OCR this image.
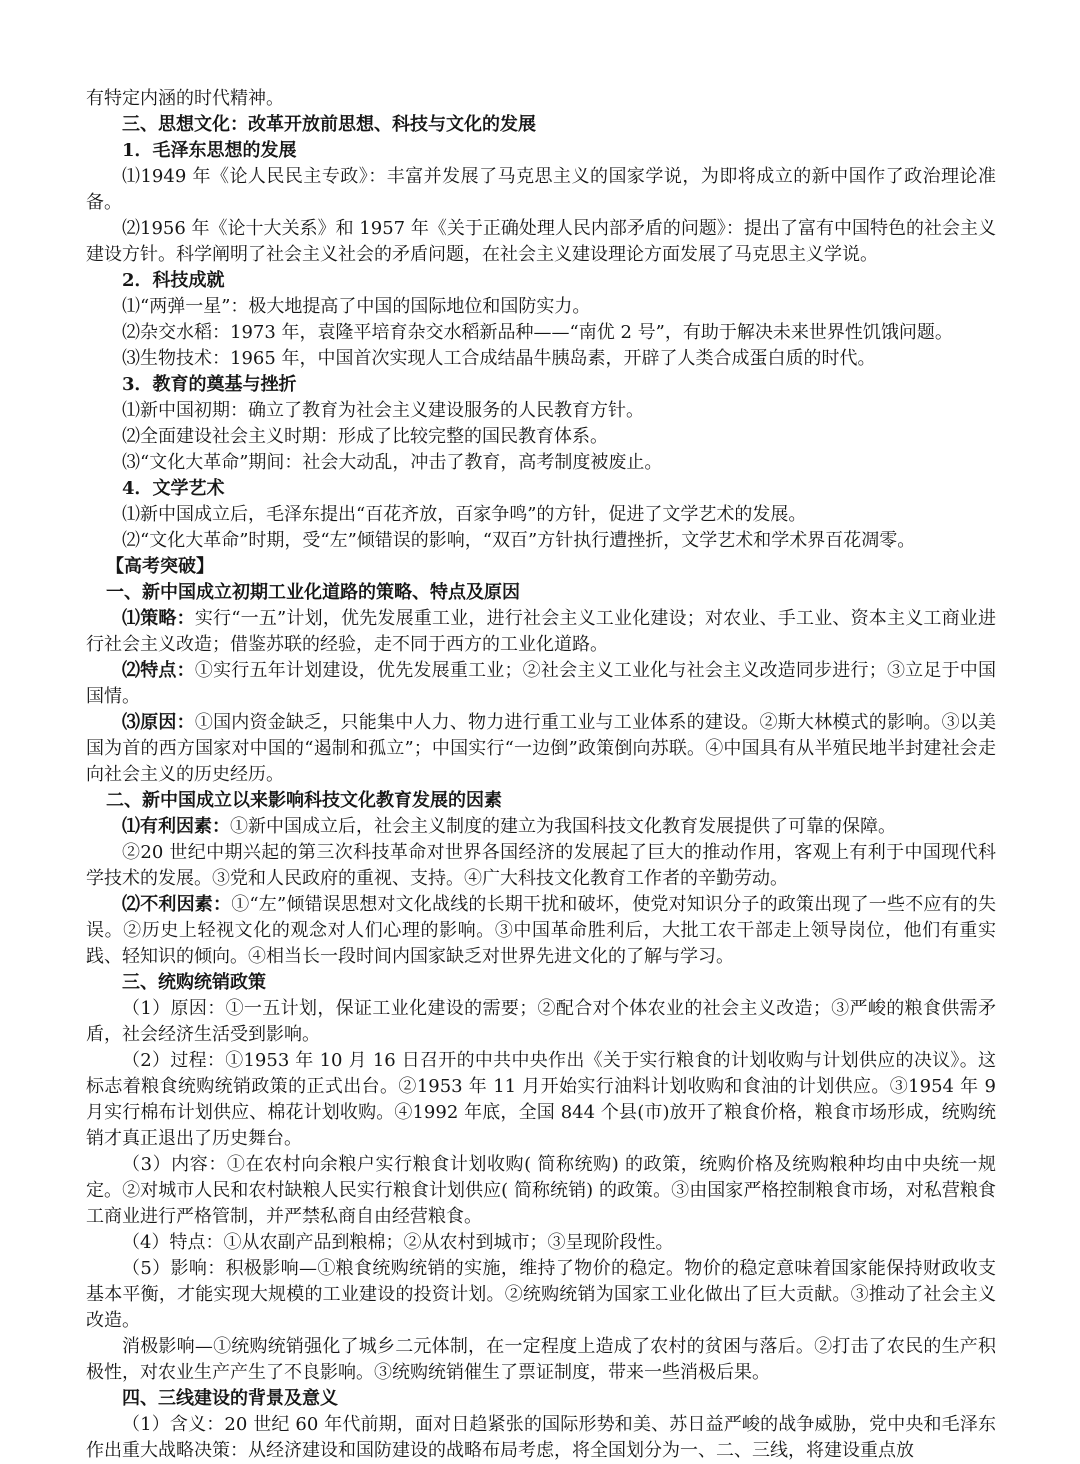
有特定内涵的时代精神。

三、思想文化：改革开放前思想、科技与文化的发展

1．毛泽东思想的发展

⑴1949 年《论人民民主专政》：丰富并发展了马克思主义的国家学说，为即将成立的新中国作了政治理论准备。

⑵1956 年《论十大关系》和 1957 年《关于正确处理人民内部矛盾的问题》：提出了富有中国特色的社会主义建设方针。科学阐明了社会主义社会的矛盾问题，在社会主义建设理论方面发展了马克思主义学说。

2．科技成就

⑴“两弹一星”：极大地提高了中国的国际地位和国防实力。

⑵杂交水稻：1973 年，袁隆平培育杂交水稻新品种——“南优 2 号”，有助于解决未来世界性饥饿问题。

⑶生物技术：1965 年，中国首次实现人工合成结晶牛胰岛素，开辟了人类合成蛋白质的时代。

3．教育的奠基与挫折

⑴新中国初期：确立了教育为社会主义建设服务的人民教育方针。

⑵全面建设社会主义时期：形成了比较完整的国民教育体系。

⑶“文化大革命”期间：社会大动乱，冲击了教育，高考制度被废止。

4．文学艺术

⑴新中国成立后，毛泽东提出“百花齐放，百家争鸣”的方针，促进了文学艺术的发展。

⑵“文化大革命”时期，受“左”倾错误的影响，“双百”方针执行遭挫折，文学艺术和学术界百花凋零。

【高考突破】

一、新中国成立初期工业化道路的策略、特点及原因

⑴策略：实行“一五”计划，优先发展重工业，进行社会主义工业化建设；对农业、手工业、资本主义工商业进行社会主义改造；借鉴苏联的经验，走不同于西方的工业化道路。

⑵特点：①实行五年计划建设，优先发展重工业；②社会主义工业化与社会主义改造同步进行；③立足于中国国情。

⑶原因：①国内资金缺乏，只能集中人力、物力进行重工业与工业体系的建设。②斯大林模式的影响。③以美国为首的西方国家对中国的“遏制和孤立”；中国实行“一边倒”政策倒向苏联。④中国具有从半殖民地半封建社会走向社会主义的历史经历。

二、新中国成立以来影响科技文化教育发展的因素

⑴有利因素：①新中国成立后，社会主义制度的建立为我国科技文化教育发展提供了可靠的保障。

②20 世纪中期兴起的第三次科技革命对世界各国经济的发展起了巨大的推动作用，客观上有利于中国现代科学技术的发展。③党和人民政府的重视、支持。④广大科技文化教育工作者的辛勤劳动。

⑵不利因素：①“左”倾错误思想对文化战线的长期干扰和破坏，使党对知识分子的政策出现了一些不应有的失误。②历史上轻视文化的观念对人们心理的影响。③中国革命胜利后，大批工农干部走上领导岗位，他们有重实践、轻知识的倾向。④相当长一段时间内国家缺乏对世界先进文化的了解与学习。

三、统购统销政策

（1）原因：①一五计划，保证工业化建设的需要；②配合对个体农业的社会主义改造；③严峻的粮食供需矛盾，社会经济生活受到影响。

（2）过程：①1953 年 10 月 16 日召开的中共中央作出《关于实行粮食的计划收购与计划供应的决议》。这标志着粮食统购统销政策的正式出台。②1953 年 11 月开始实行油料计划收购和食油的计划供应。③1954 年 9 月实行棉布计划供应、棉花计划收购。④1992 年底，全国 844 个县(市)放开了粮食价格，粮食市场形成，统购统销才真正退出了历史舞台。

（3）内容：①在农村向余粮户实行粮食计划收购( 简称统购) 的政策，统购价格及统购粮种均由中央统一规定。②对城市人民和农村缺粮人民实行粮食计划供应( 简称统销) 的政策。③由国家严格控制粮食市场，对私营粮食工商业进行严格管制，并严禁私商自由经营粮食。

（4）特点：①从农副产品到粮棉；②从农村到城市；③呈现阶段性。

（5）影响：积极影响—①粮食统购统销的实施，维持了物价的稳定。物价的稳定意味着国家能保持财政收支基本平衡，才能实现大规模的工业建设的投资计划。②统购统销为国家工业化做出了巨大贡献。③推动了社会主义改造。

消极影响—①统购统销强化了城乡二元体制，在一定程度上造成了农村的贫困与落后。②打击了农民的生产积极性，对农业生产产生了不良影响。③统购统销催生了票证制度，带来一些消极后果。

四、三线建设的背景及意义

（1）含义：20 世纪 60 年代前期，面对日趋紧张的国际形势和美、苏日益严峻的战争威胁，党中央和毛泽东作出重大战略决策：从经济建设和国防建设的战略布局考虑，将全国划分为一、二、三线，将建设重点放
